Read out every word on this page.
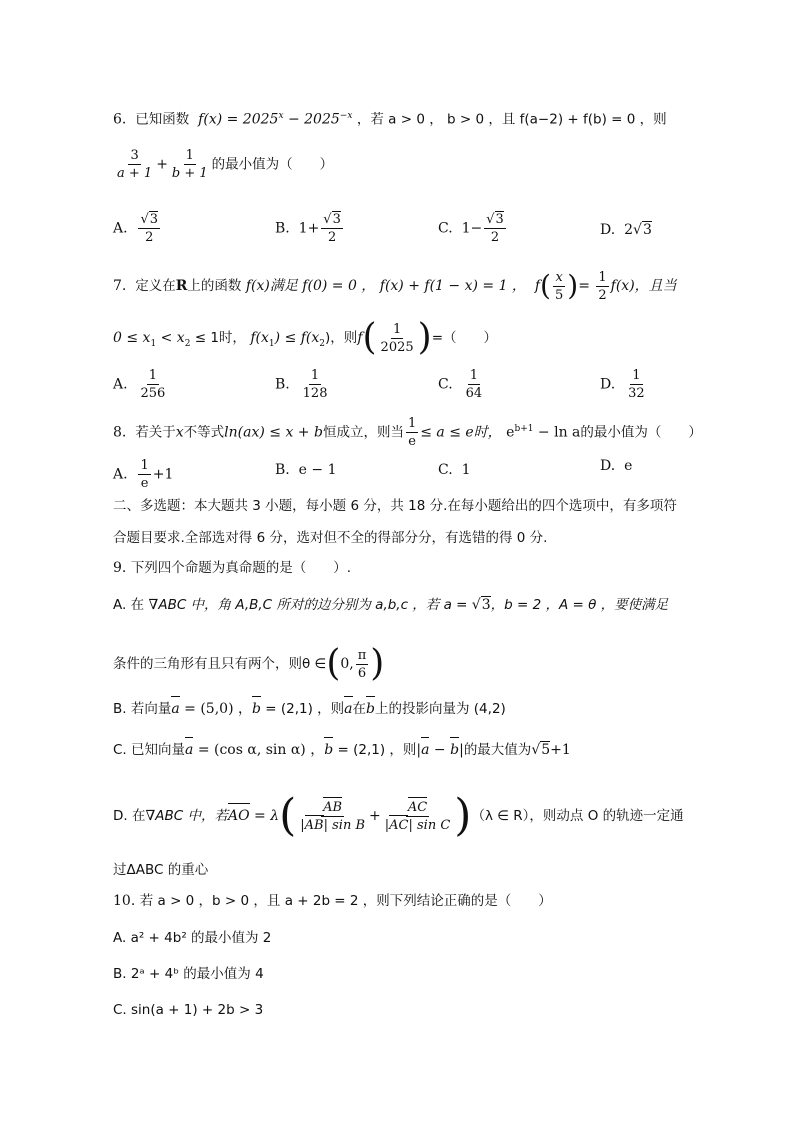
6. 已知函数 $f(x) = 2025^x - 2025^{-x}$ ，若 a > 0 ， b > 0 ，且 f(a−2) + f(b) = 0 ，则
$\frac{3}{a + 1} + \frac{1}{b + 1}$ 的最小值为（　　）
A. √ $\frac{3}{2}$	B. 1+ √ $\frac{3}{2}$	C. 1− √ $\frac{3}{2}$	D. 2 √ 3
7. 定义在R上的函数 f(x)满足 f(0) = 0 ， f(x) + f(1 − x) = 1 ， $f( \frac{x}{5}$ )= $\frac{1}{2} f(x)$，且当
$0 \le x_1 < x_2 \le 1$时， $f(x_1) \le f(x_2)$，则$f( \frac{1}{2025}$ )=（　　）
A. $\frac{1}{256}$	B. $\frac{1}{128}$	C. $\frac{1}{64}$	D. $\frac{1}{32}$
8. 若关于x不等式ln(ax) ≤ x + b恒成立，则当 $\frac{1}{e} \le a \le e$时， $e^{b+1} - \ln a$的最小值为（　　）
A. $\frac{1}{e} +1$	B. e − 1	C. 1	D. e
二、多选题：本大题共 3 小题，每小题 6 分，共 18 分.在每小题给出的四个选项中，有多项符
合题目要求.全部选对得 6 分，选对但不全的得部分分，有选错的得 0 分.
9. 下列四个命题为真命题的是（　　）.
A. 在 ∇ABC 中，角 A,B,C 所对的边分别为 a,b,c ，若 a = √ 3，b = 2 ，A = θ ，要使满足
条件的三角形有且只有两个，则θ ∈(0, $\frac{\pi}{6}$ )
B. 若向量a = (5,0) ，b = (2,1) ，则a在b上的投影向量为 (4,2)
C. 已知向量a = (cos α, sin α) ，b = (2,1) ，则|a − b|的最大值为 √ 5+1
D. 在∇ABC 中，若AO = $\lambda( \frac{AB}{\text{|AB| sin B}} + \frac{AC}{\text{|AC| sin C}} )(\lambda$ ∈ R），则动点 O 的轨迹一定通
过ΔABC 的重心
10. 若 a > 0 ，b > 0 ，且 a + 2b = 2 ，则下列结论正确的是（　　）
A. a² + 4b² 的最小值为 2
B. 2ᵃ + 4ᵇ 的最小值为 4
C. sin(a + 1) + 2b > 3
